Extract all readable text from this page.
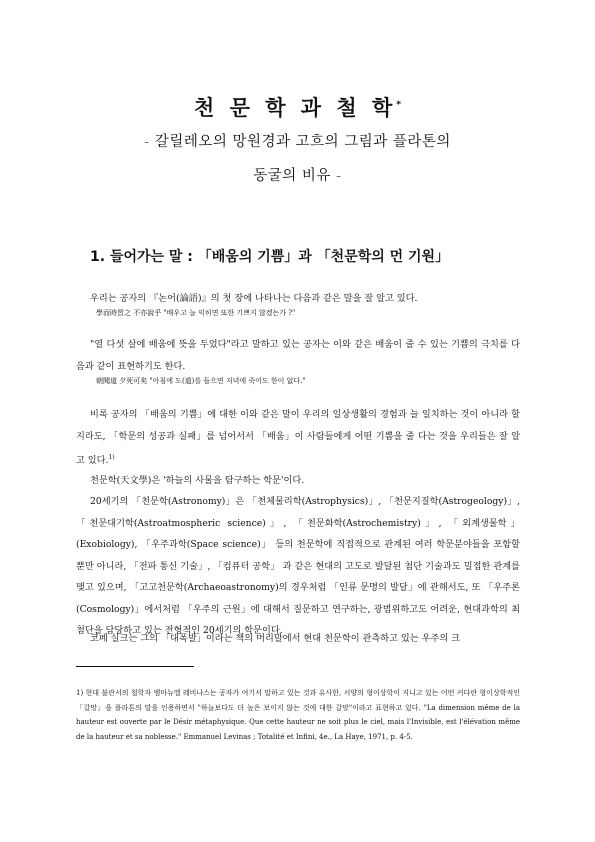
천 문 학 과 철 학*
- 갈릴레오의 망원경과 고흐의 그림과 플라톤의
동굴의 비유 -
1. 들어가는 말 : 「배움의 기쁨」과 「천문학의 먼 기원」
우리는 공자의 『논어(論語)』의 첫 장에 나타나는 다음과 같은 말을 잘 알고 있다.
學而時習之 不亦說乎 "배우고 늘 익히면 또한 기쁘지 않겠는가 ?"
"열 다섯 살에 배움에 뜻을 두었다"라고 말하고 있는 공자는 이와 같은 배움이 줄 수 있는 기쁨의 극치를 다음과 같이 표현하기도 한다.
朝聞道 夕死可矣 "아침에 도(道)를 들으면 저녁에 죽어도 한이 없다."
비록 공자의 「배움의 기쁨」에 대한 이와 같은 말이 우리의 일상생활의 경험과 늘 일치하는 것이 아니라 할지라도, 「학문의 성공과 실패」를 넘어서서 「배움」이 사람들에게 어떤 기쁨을 줄 다는 것을 우리들은 잘 알고 있다.$^{1)}$
천문학(天文學)은 '하늘의 사물을 탐구하는 학문'이다.
20세기의 「천문학(Astronomy)」은 「천체물리학(Astrophysics)」, 「천문지질학(Astrogeology)」, 「천문대기학(Astroatmospheric science)」, 「천문화학(Astrochemistry)」, 「외계생물학」(Exobiology), 「우주과학(Space science)」 등의 천문학에 직접적으로 관계된 여러 학문분야들을 포함할 뿐만 아니라, 「전파 통신 기술」, 「컴퓨터 공학」 과 같은 현대의 고도로 발달된 첨단 기술과도 밀접한 관계를 맺고 있으며, 「고고천문학(Archaeoastronomy)의 경우처럼 「인류 문명의 발달」에 관해서도, 또 「우주론(Cosmology)」에서처럼 「우주의 근원」에 대해서 질문하고 연구하는, 광범위하고도 어려운, 현대과학의 최첨단을 담당하고 있는 전형적인 20세기의 학문이다.
코페 실크는 그의 「대폭발」이라는 책의 머리말에서 현대 천문학이 관측하고 있는 우주의 크
1) 현대 불란서의 철학자 엠마뉴엘 레비나스는 공자가 여기서 말하고 있는 것과 유사한, 서양의 형이상학이 지니고 있는 어떤 커다란 형이상학적인 「갈망」을 플라톤의 말을 인용하면서 "하늘보다도 더 높은 보이지 않는 것에 대한 갈망"이라고 표현하고 있다. "La dimension même de la hauteur est ouverte par le Désir métaphysique. Que cette hauteur ne soit plus le ciel, mais l'Invisible, est l'élévation même de la hauteur et sa noblesse." Emmanuel Levinas ; Totalité et Infini, 4e., La Haye, 1971, p. 4-5.
